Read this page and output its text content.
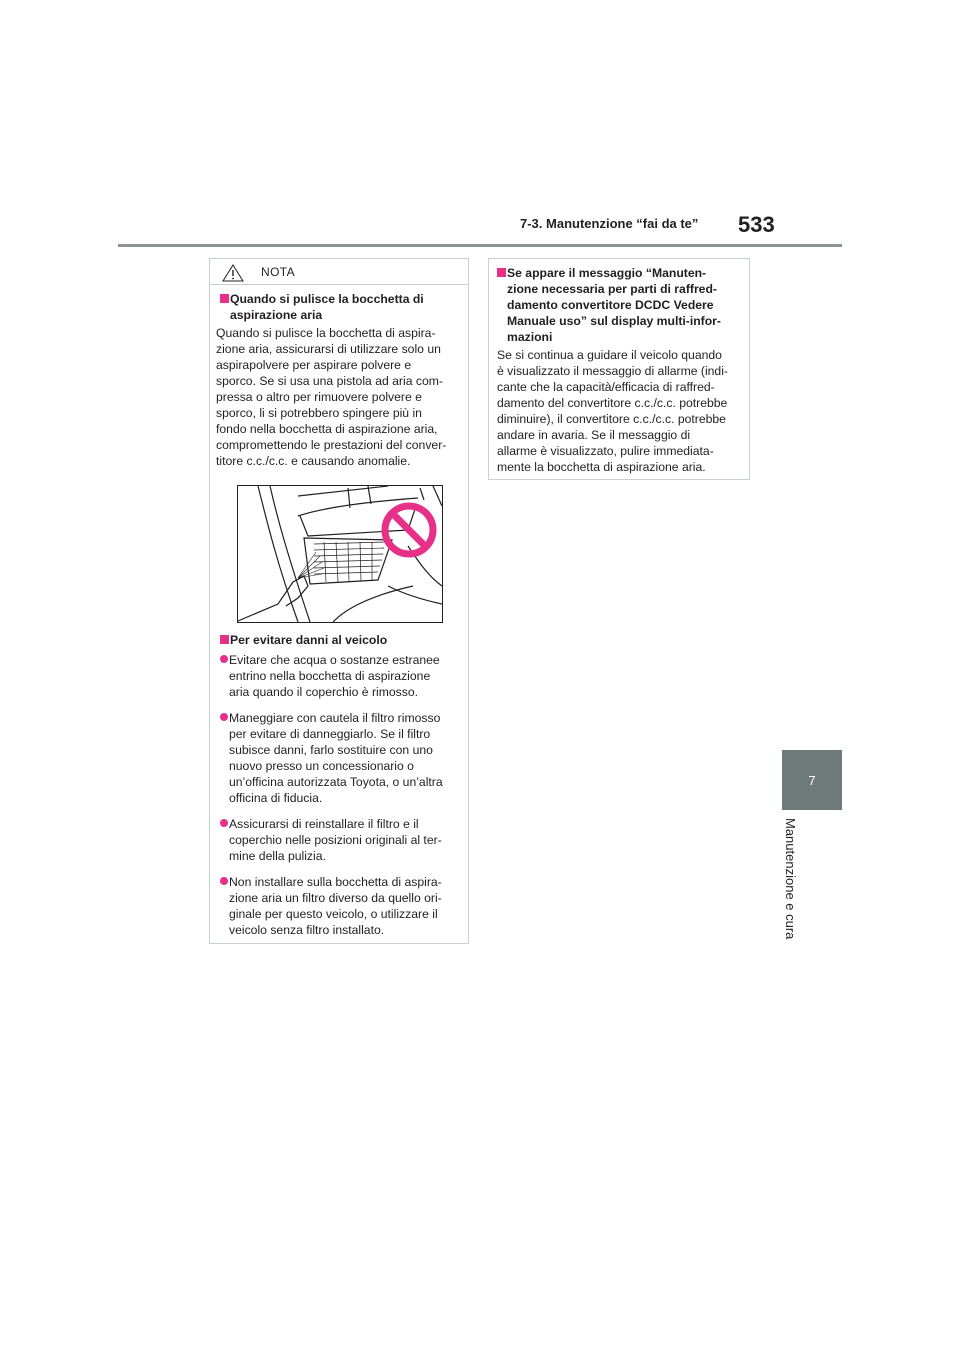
7-3. Manutenzione “fai da te” 533
7
Manutenzione e cura
NOTA
Quando si pulisce la bocchetta di aspirazione aria
Quando si pulisce la bocchetta di aspira-
zione aria, assicurarsi di utilizzare solo un
aspirapolvere per aspirare polvere e
sporco. Se si usa una pistola ad aria com-
pressa o altro per rimuovere polvere e
sporco, li si potrebbero spingere più in
fondo nella bocchetta di aspirazione aria,
compromettendo le prestazioni del conver-
titore c.c./c.c. e causando anomalie.
Per evitare danni al veicolo
Evitare che acqua o sostanze estranee
entrino nella bocchetta di aspirazione
aria quando il coperchio è rimosso.
Maneggiare con cautela il filtro rimosso
per evitare di danneggiarlo. Se il filtro
subisce danni, farlo sostituire con uno
nuovo presso un concessionario o
un’officina autorizzata Toyota, o un’altra
officina di fiducia.
Assicurarsi di reinstallare il filtro e il
coperchio nelle posizioni originali al ter-
mine della pulizia.
Non installare sulla bocchetta di aspira-
zione aria un filtro diverso da quello ori-
ginale per questo veicolo, o utilizzare il
veicolo senza filtro installato.
Se appare il messaggio “Manuten-
zione necessaria per parti di raffred-
damento convertitore DCDC Vedere
Manuale uso” sul display multi-infor-
mazioni
Se si continua a guidare il veicolo quando
è visualizzato il messaggio di allarme (indi-
cante che la capacità/efficacia di raffred-
damento del convertitore c.c./c.c. potrebbe
diminuire), il convertitore c.c./c.c. potrebbe
andare in avaria. Se il messaggio di
allarme è visualizzato, pulire immediata-
mente la bocchetta di aspirazione aria.
